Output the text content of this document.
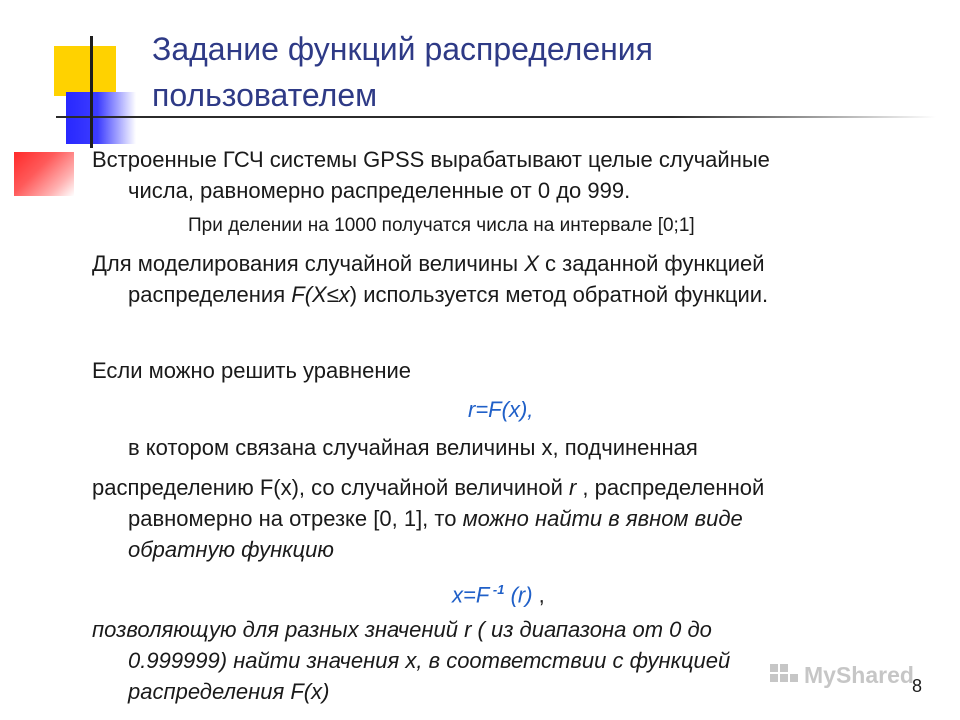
Задание функций распределения пользователем
Встроенные ГСЧ системы GPSS вырабатывают целые случайные
числа, равномерно распределенные от 0 до 999.
При делении на 1000 получатся числа на интервале [0;1]
Для моделирования случайной величины X с заданной функцией
распределения F(X≤x) используется метод обратной функции.
Если можно решить уравнение
r=F(x),
в котором связана случайная величины x, подчиненная
распределению F(x), со случайной величиной r , распределенной
равномерно на отрезке [0, 1], то можно найти в явном виде
обратную функцию
x=F $^{-1}$ (r) ,
позволяющую для разных значений r ( из диапазона от 0 до
0.999999) найти значения x, в соответствии с функцией
распределения F(x)
MyShared
8
